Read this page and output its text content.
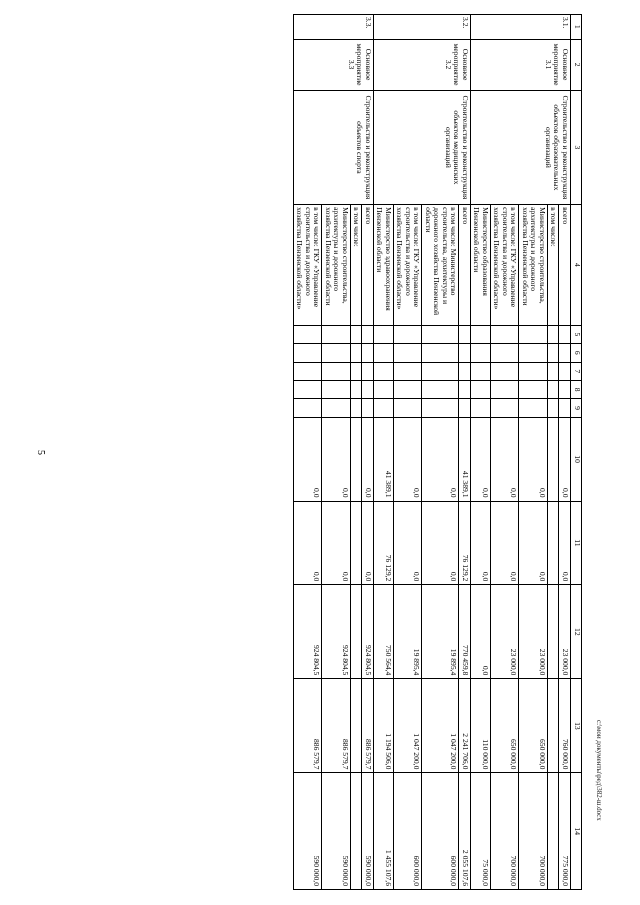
5
1	2	3	4	5	6	7	8	9	10	11	12	13	14
3.1.	Основное мероприятие 3.1	Строительство и реконструкция объектов образовательных организаций	всего						0,0	0,0	23 000,0	760 000,0	775 000,0
			в том числе:										
			Министерство строительства, архитектуры и дорожного хозяйства Пензенской области						0,0	0,0	23 000,0	650 000,0	700 000,0
			в том числе: ГКУ «Управление строительства и дорожного хозяйства Пензенской области»						0,0	0,0	23 000,0	650 000,0	700 000,0
			Министерство образования Пензенской области						0,0	0,0	0,0	110 000,0	75 000,0
3.2.	Основное мероприятие 3.2	Строительство и реконструкция объектов медицинских организаций	всего						41 389,1	76 129,2	770 459,8	2 241 706,0	2 055 107,6
			в том числе: Министерство строительства, архитектуры и дорожного хозяйства Пензенской области						0,0	0,0	19 895,4	1 047 200,0	600 000,0
			в том числе: ГКУ «Управление строительства и дорожного хозяйства Пензенской области»						0,0	0,0	19 895,4	1 047 200,0	600 000,0
			Министерство здравоохранения Пензенской области						41 389,1	76 129,2	750 564,4	1 194 506,0	1 455 107,6
3.3.	Основное мероприятие 3.3	Строительство и реконструкция объектов спорта	всего						0,0	0,0	924 804,5	886 579,7	590 000,0
			в том числе:										
			Министерство строительства, архитектуры и дорожного хозяйства Пензенской области						0,0	0,0	924 804,5	886 579,7	590 000,0
			в том числе: ГКУ «Управление строительства и дорожного хозяйства Пензенской области»						0,0	0,0	924 804,5	886 579,7	590 000,0
c:\мои документы\ред\382-ш.docx
